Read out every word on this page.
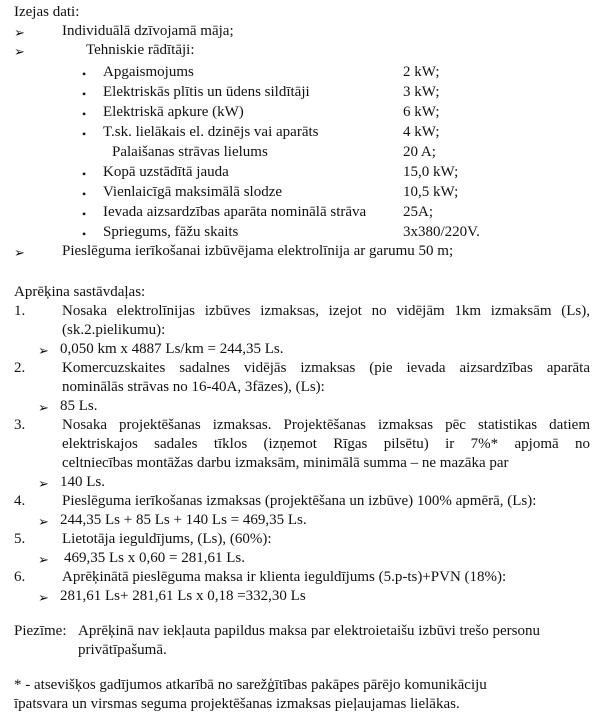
Izejas dati:
➢ Individuālā dzīvojamā māja;
➢	Tehniskie rādītāji:
• Apgaismojums	2 kW;
• Elektriskās plītis un ūdens sildītāji	3 kW;
• Elektriskā apkure (kW)	6 kW;
• T.sk. lielākais el. dzinējs vai aparāts	4 kW;
Palaišanas strāvas lielums	20 A;
• Kopā uzstādītā jauda	15,0 kW;
• Vienlaicīgā maksimālā slodze	10,5 kW;
• Ievada aizsardzības aparāta nominālā strāva 25A;
• Spriegums, fāžu skaits	3x380/220V.
➢ Pieslēguma ierīkošanai izbūvējama elektrolīnija ar garumu 50 m;
Aprēķina sastāvdaļas:
1. Nosaka elektrolīnijas izbūves izmaksas, izejot no vidējām 1km izmaksām (Ls),
(sk.2.pielikumu):
➢ 0,050 km x 4887 Ls/km = 244,35 Ls.
2. Komercuzskaites sadalnes vidējās izmaksas (pie ievada aizsardzības aparāta
nominālās strāvas no 16-40A, 3fāzes), (Ls):
➢ 85 Ls.
3. Nosaka projektēšanas izmaksas. Projektēšanas izmaksas pēc statistikas datiem
elektriskajos sadales tīklos (izņemot Rīgas pilsētu) ir 7%* apjomā no
celtniecības montāžas darbu izmaksām, minimālā summa – ne mazāka par
➢ 140 Ls.
4. Pieslēguma ierīkošanas izmaksas (projektēšana un izbūve) 100% apmērā, (Ls):
➢ 244,35 Ls + 85 Ls + 140 Ls = 469,35 Ls.
5. Lietotāja ieguldījums, (Ls), (60%):
➢ 469,35 Ls x 0,60 = 281,61 Ls.
6. Aprēķinātā pieslēguma maksa ir klienta ieguldījums (5.p-ts)+PVN (18%):
➢ 281,61 Ls+ 281,61 Ls x 0,18 =332,30 Ls
Piezīme: Aprēķinā nav iekļauta papildus maksa par elektroietaišu izbūvi trešo personu
privātīpašumā.
* - atsevišķos gadījumos atkarībā no sarežģītības pakāpes pārējo komunikāciju
īpatsvara un virsmas seguma projektēšanas izmaksas pieļaujamas lielākas.
